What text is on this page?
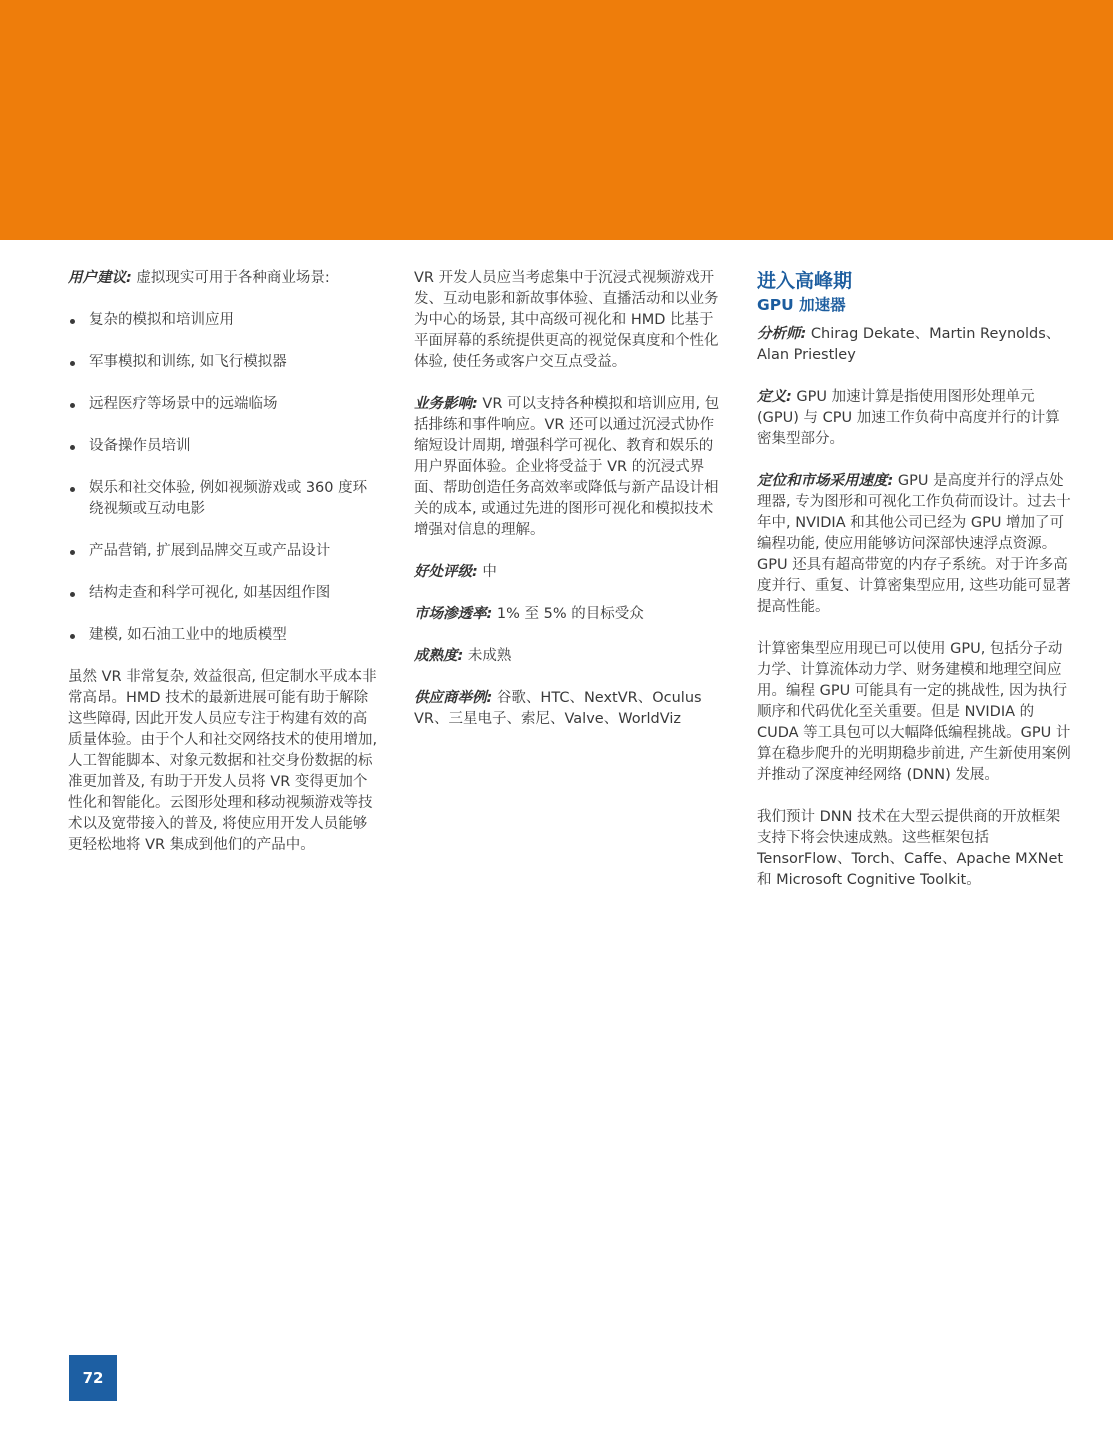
用户建议: 虚拟现实可用于各种商业场景:

复杂的模拟和培训应用
军事模拟和训练, 如飞行模拟器
远程医疗等场景中的远端临场
设备操作员培训
娱乐和社交体验, 例如视频游戏或 360 度环绕视频或互动电影
产品营销, 扩展到品牌交互或产品设计
结构走查和科学可视化, 如基因组作图
建模, 如石油工业中的地质模型

虽然 VR 非常复杂, 效益很高, 但定制水平成本非常高昂。HMD 技术的最新进展可能有助于解除这些障碍, 因此开发人员应专注于构建有效的高质量体验。由于个人和社交网络技术的使用增加, 人工智能脚本、对象元数据和社交身份数据的标准更加普及, 有助于开发人员将 VR 变得更加个性化和智能化。云图形处理和移动视频游戏等技术以及宽带接入的普及, 将使应用开发人员能够更轻松地将 VR 集成到他们的产品中。

VR 开发人员应当考虑集中于沉浸式视频游戏开发、互动电影和新故事体验、直播活动和以业务为中心的场景, 其中高级可视化和 HMD 比基于平面屏幕的系统提供更高的视觉保真度和个性化体验, 使任务或客户交互点受益。

业务影响: VR 可以支持各种模拟和培训应用, 包括排练和事件响应。VR 还可以通过沉浸式协作缩短设计周期, 增强科学可视化、教育和娱乐的用户界面体验。企业将受益于 VR 的沉浸式界面、帮助创造任务高效率或降低与新产品设计相关的成本, 或通过先进的图形可视化和模拟技术增强对信息的理解。

好处评级: 中

市场渗透率: 1% 至 5% 的目标受众

成熟度: 未成熟

供应商举例: 谷歌、HTC、NextVR、Oculus VR、三星电子、索尼、Valve、WorldViz

进入高峰期
GPU 加速器

分析师: Chirag Dekate、Martin Reynolds、Alan Priestley

定义: GPU 加速计算是指使用图形处理单元 (GPU) 与 CPU 加速工作负荷中高度并行的计算密集型部分。

定位和市场采用速度: GPU 是高度并行的浮点处理器, 专为图形和可视化工作负荷而设计。过去十年中, NVIDIA 和其他公司已经为 GPU 增加了可编程功能, 使应用能够访问深部快速浮点资源。GPU 还具有超高带宽的内存子系统。对于许多高度并行、重复、计算密集型应用, 这些功能可显著提高性能。

计算密集型应用现已可以使用 GPU, 包括分子动力学、计算流体动力学、财务建模和地理空间应用。编程 GPU 可能具有一定的挑战性, 因为执行顺序和代码优化至关重要。但是 NVIDIA 的 CUDA 等工具包可以大幅降低编程挑战。GPU 计算在稳步爬升的光明期稳步前进, 产生新使用案例并推动了深度神经网络 (DNN) 发展。

我们预计 DNN 技术在大型云提供商的开放框架支持下将会快速成熟。这些框架包括 TensorFlow、Torch、Caffe、Apache MXNet 和 Microsoft Cognitive Toolkit。

72
